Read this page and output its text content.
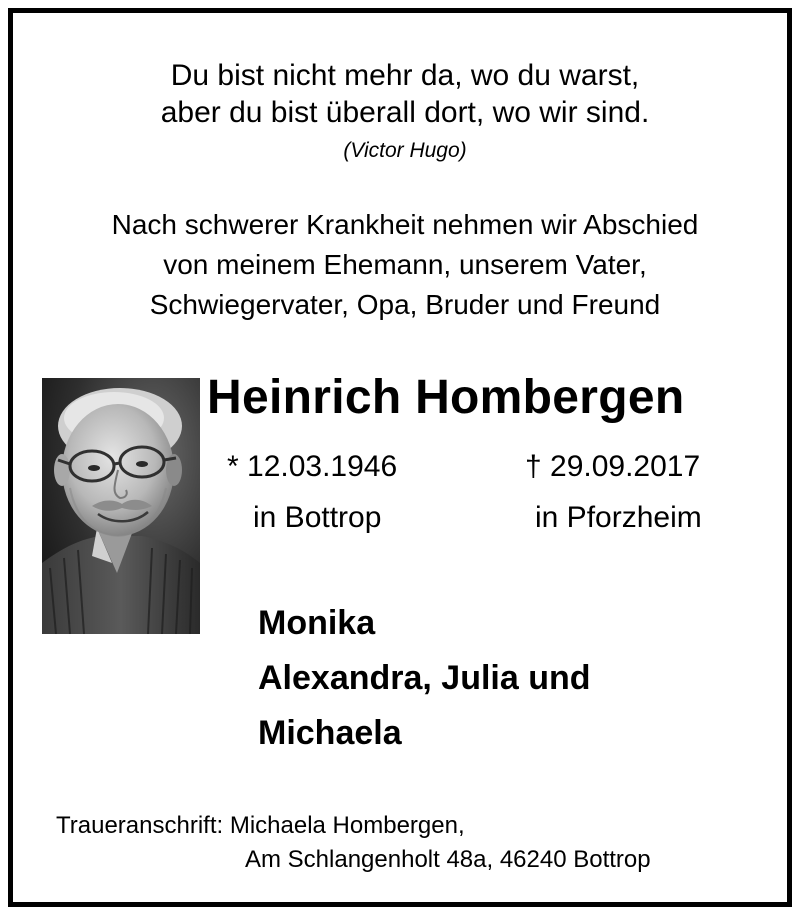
Du bist nicht mehr da, wo du warst,
aber du bist überall dort, wo wir sind.
(Victor Hugo)
Nach schwerer Krankheit nehmen wir Abschied
von meinem Ehemann, unserem Vater,
Schwiegervater, Opa, Bruder und Freund
Heinrich Hombergen
* 12.03.1946
in Bottrop
† 29.09.2017
in Pforzheim
Monika
Alexandra, Julia und
Michaela
Traueranschrift: Michaela Hombergen,
Am Schlangenholt 48a, 46240 Bottrop
